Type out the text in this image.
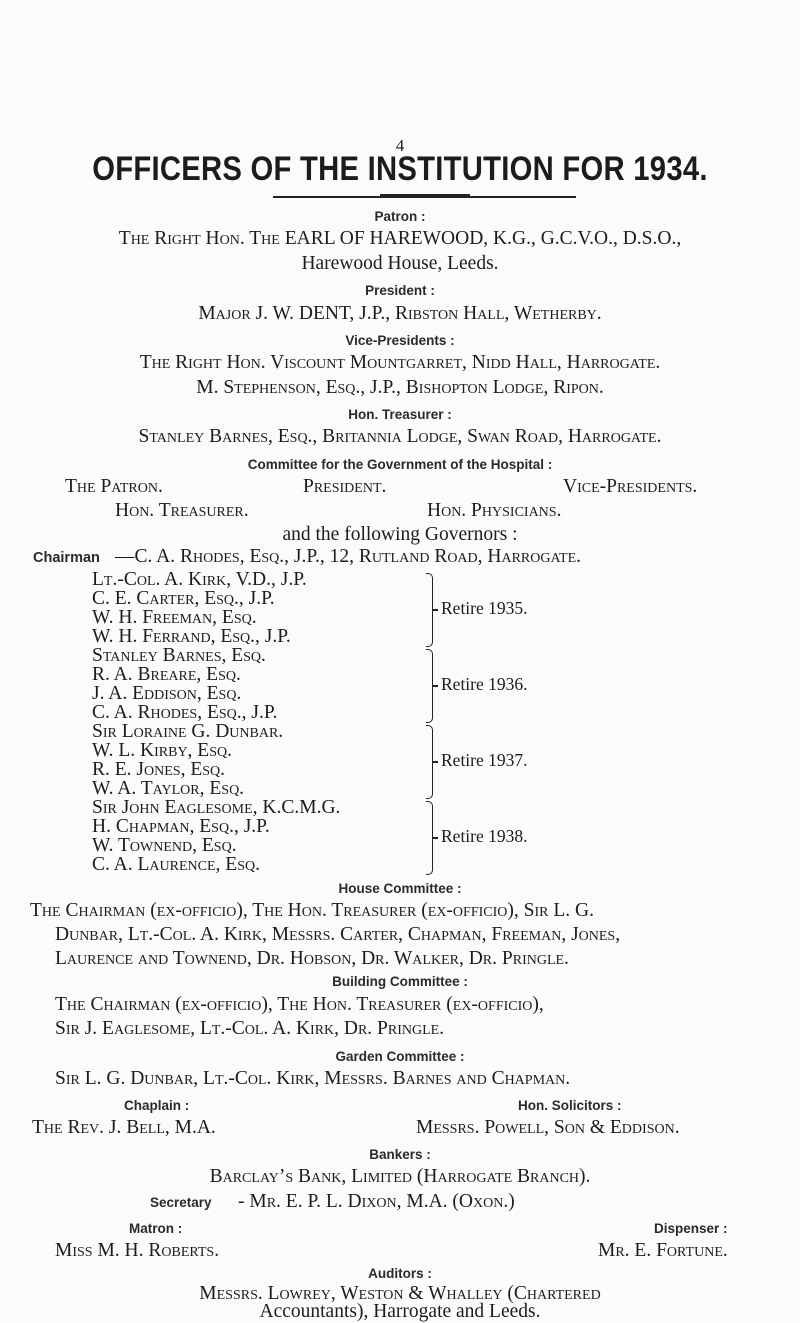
4
OFFICERS OF THE INSTITUTION FOR 1934.
Patron :
The Right Hon. The EARL OF HAREWOOD, K.G., G.C.V.O., D.S.O.,
Harewood House, Leeds.
President :
Major J. W. DENT, J.P., Ribston Hall, Wetherby.
Vice-Presidents :
The Right Hon. Viscount Mountgarret, Nidd Hall, Harrogate.
M. Stephenson, Esq., J.P., Bishopton Lodge, Ripon.
Hon. Treasurer :
Stanley Barnes, Esq., Britannia Lodge, Swan Road, Harrogate.
Committee for the Government of the Hospital :
The Patron.	President.	Vice-Presidents.
Hon. Treasurer.	Hon. Physicians.
and the following Governors :
Chairman —C. A. Rhodes, Esq., J.P., 12, Rutland Road, Harrogate.
Lt.-Col. A. Kirk, V.D., J.P.
C. E. Carter, Esq., J.P.
W. H. Freeman, Esq.
W. H. Ferrand, Esq., J.P.
Retire 1935.
Stanley Barnes, Esq.
R. A. Breare, Esq.
J. A. Eddison, Esq.
C. A. Rhodes, Esq., J.P.
Retire 1936.
Sir Loraine G. Dunbar.
W. L. Kirby, Esq.
R. E. Jones, Esq.
W. A. Taylor, Esq.
Retire 1937.
Sir John Eaglesome, K.C.M.G.
H. Chapman, Esq., J.P.
W. Townend, Esq.
C. A. Laurence, Esq.
Retire 1938.
House Committee :
The Chairman (ex-officio), The Hon. Treasurer (ex-officio), Sir L. G.
Dunbar, Lt.-Col. A. Kirk, Messrs. Carter, Chapman, Freeman, Jones,
Laurence and Townend, Dr. Hobson, Dr. Walker, Dr. Pringle.
Building Committee :
The Chairman (ex-officio), The Hon. Treasurer (ex-officio),
Sir J. Eaglesome, Lt.-Col. A. Kirk, Dr. Pringle.
Garden Committee :
Sir L. G. Dunbar, Lt.-Col. Kirk, Messrs. Barnes and Chapman.
Chaplain :	Hon. Solicitors :
The Rev. J. Bell, M.A.	Messrs. Powell, Son & Eddison.
Bankers :
Barclay’s Bank, Limited (Harrogate Branch).
Secretary - Mr. E. P. L. Dixon, M.A. (Oxon.)
Matron :	Dispenser :
Miss M. H. Roberts.	Mr. E. Fortune.
Auditors :
Messrs. Lowrey, Weston & Whalley (Chartered
Accountants), Harrogate and Leeds.
